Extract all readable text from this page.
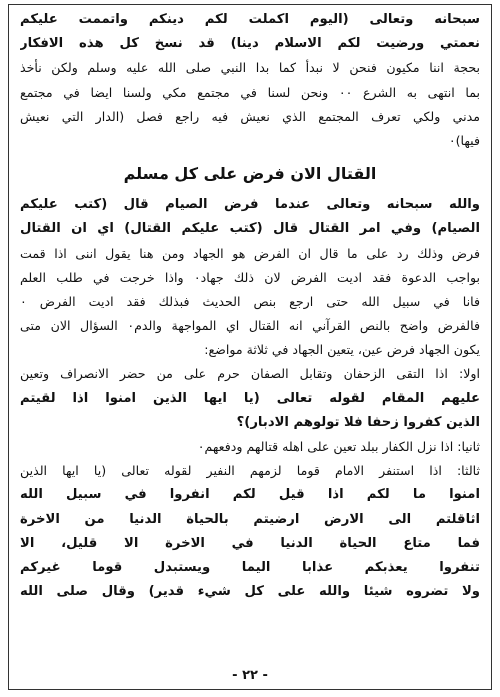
سبحانه وتعالى (اليوم اكملت لكم دينكم واتممت عليكم
نعمتي ورضيت لكم الاسلام دينا) قد نسخ كل هذه الافكار
بحجة اننا مكيون فنحن لا نبدأ كما بدا النبي صلى الله عليه وسلم ولكن نأخذ
بما انتهى به الشرع ٠٠ ونحن لسنا في مجتمع مكي ولسنا ايضا في مجتمع
مدني ولكي تعرف المجتمع الذي نعيش فيه راجع فصل (الدار التي نعيش
فيها)٠
القتال الان فرض على كل مسلم
والله سبحانه وتعالى عندما فرض الصيام قال (كتب عليكم
الصيام) وفي امر القتال قال (كتب عليكم القتال) اي ان القتال
فرض وذلك رد على ما قال ان الفرض هو الجهاد ومن هنا يقول اننى اذا قمت
بواجب الدعوة فقد اديت الفرض لان ذلك جهاد٠ واذا خرجت في طلب العلم
فانا في سبيل الله حتى ارجع بنص الحديث فبذلك فقد اديت الفرض ٠
فالفرض واضح بالنص القرآني انه القتال اي المواجهة والدم٠ السؤال الان متى
يكون الجهاد فرض عين، يتعين الجهاد في ثلاثة مواضع:
اولا: اذا التقى الزحفان وتقابل الصفان حرم على من حضر الانصراف وتعين
عليهم المقام لقوله تعالى (يا ايها الذين امنوا اذا لقيتم
الذين كفروا زحفا فلا تولوهم الادبار)؟
ثانيا: اذا نزل الكفار ببلد تعين على اهله قتالهم ودفعهم٠
ثالثا: اذا استنفر الامام قوما لزمهم النفير لقوله تعالى (يا ايها الذين
امنوا ما لكم اذا قيل لكم انفروا في سبيل الله
اثاقلتم الى الارض ارضيتم بالحياة الدنيا من الاخرة
فما متاع الحياة الدنيا في الاخرة الا قليل، الا
تنفروا يعذبكم عذابا اليما ويستبدل قوما غيركم
ولا تضروه شيئا والله على كل شيء قدير) وقال صلى الله
- ٢٢ -
